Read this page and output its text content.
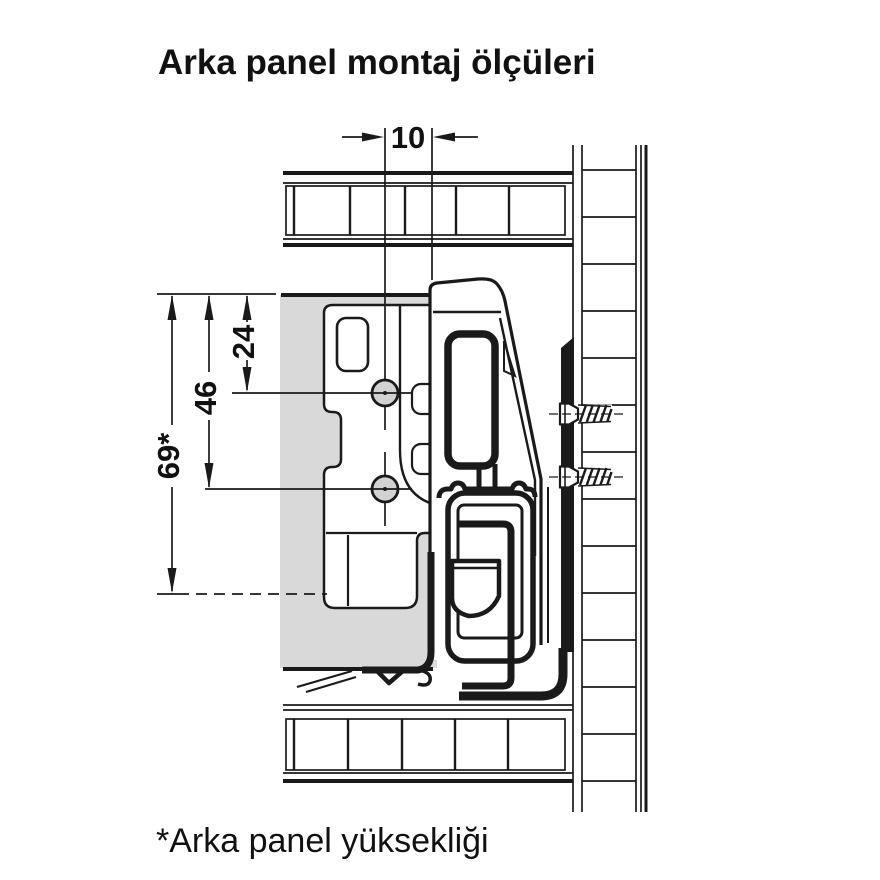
10
24
46
69*
Arka panel montaj ölçüleri
*Arka panel yüksekliği
